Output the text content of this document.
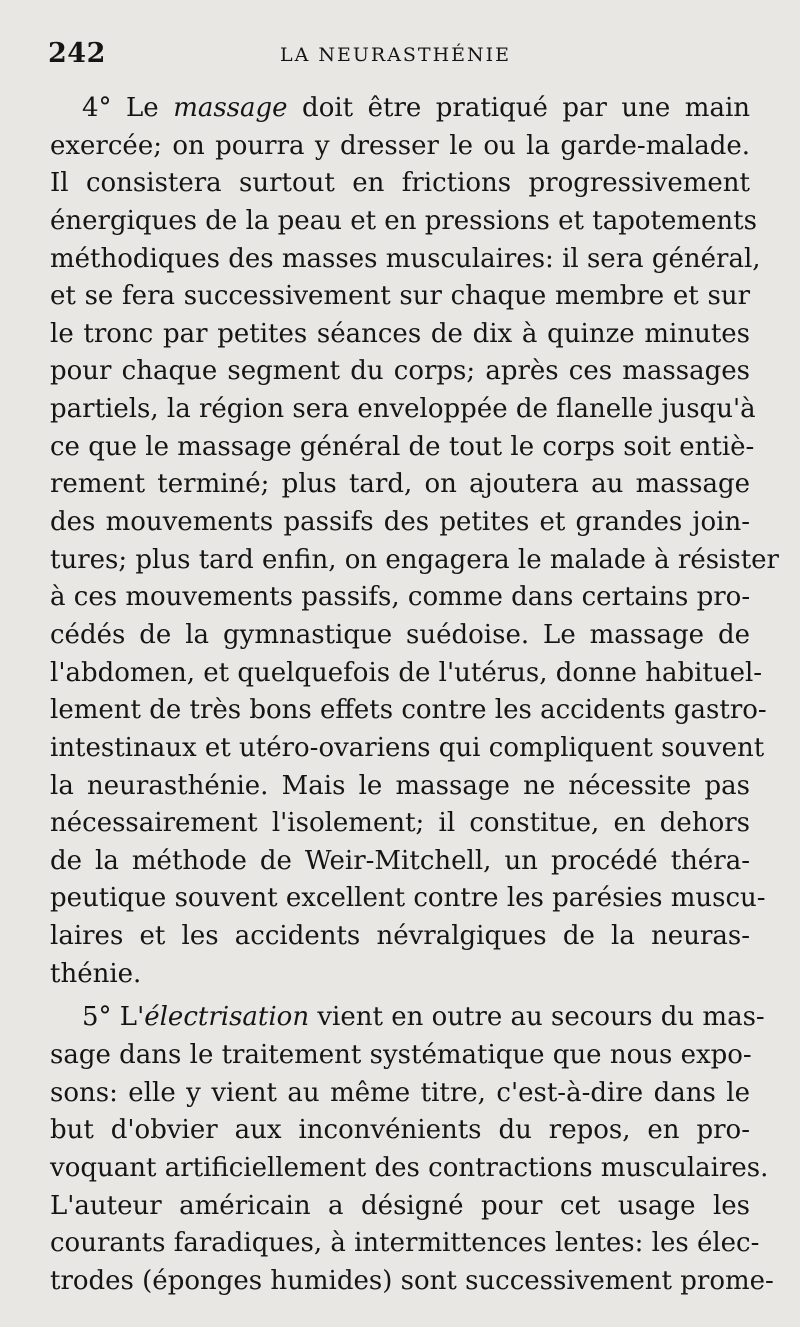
242	LA NEURASTHÉNIE
4° Le massage doit être pratiqué par une main
exercée; on pourra y dresser le ou la garde-malade.
Il consistera surtout en frictions progressivement
énergiques de la peau et en pressions et tapotements
méthodiques des masses musculaires: il sera général,
et se fera successivement sur chaque membre et sur
le tronc par petites séances de dix à quinze minutes
pour chaque segment du corps; après ces massages
partiels, la région sera enveloppée de flanelle jusqu'à
ce que le massage général de tout le corps soit entiè-
rement terminé; plus tard, on ajoutera au massage
des mouvements passifs des petites et grandes join-
tures; plus tard enfin, on engagera le malade à résister
à ces mouvements passifs, comme dans certains pro-
cédés de la gymnastique suédoise. Le massage de
l'abdomen, et quelquefois de l'utérus, donne habituel-
lement de très bons effets contre les accidents gastro-
intestinaux et utéro-ovariens qui compliquent souvent
la neurasthénie. Mais le massage ne nécessite pas
nécessairement l'isolement; il constitue, en dehors
de la méthode de Weir-Mitchell, un procédé théra-
peutique souvent excellent contre les parésies muscu-
laires et les accidents névralgiques de la neuras-
thénie.
5° L'électrisation vient en outre au secours du mas-
sage dans le traitement systématique que nous expo-
sons: elle y vient au même titre, c'est-à-dire dans le
but d'obvier aux inconvénients du repos, en pro-
voquant artificiellement des contractions musculaires.
L'auteur américain a désigné pour cet usage les
courants faradiques, à intermittences lentes: les élec-
trodes (éponges humides) sont successivement prome-
